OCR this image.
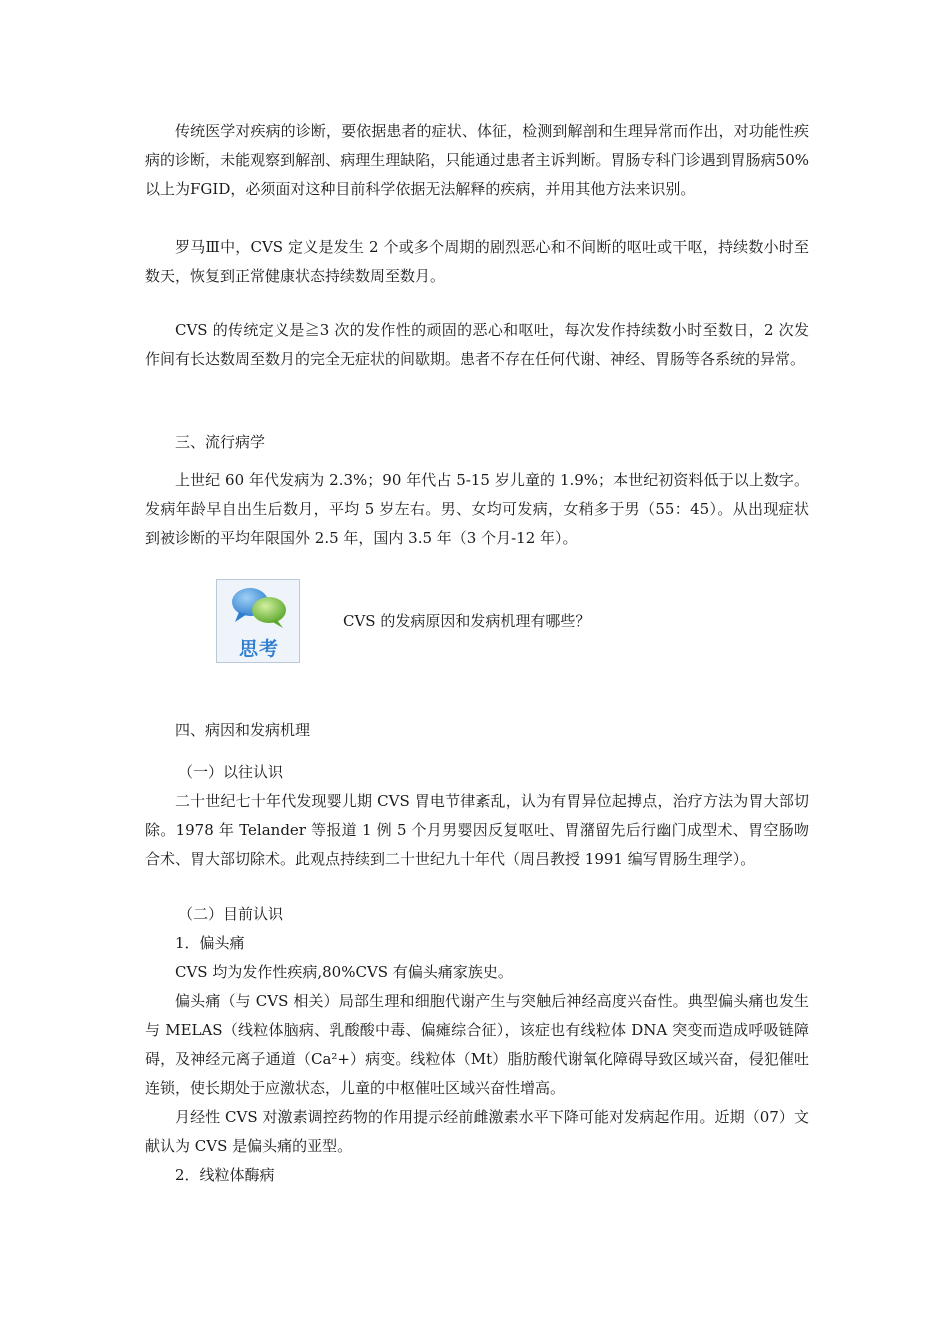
传统医学对疾病的诊断，要依据患者的症状、体征，检测到解剖和生理异常而作出，对功能性疾病的诊断，未能观察到解剖、病理生理缺陷，只能通过患者主诉判断。胃肠专科门诊遇到胃肠病50%以上为FGID，必须面对这种目前科学依据无法解释的疾病，并用其他方法来识别。

罗马Ⅲ中，CVS 定义是发生 2 个或多个周期的剧烈恶心和不间断的呕吐或干呕，持续数小时至数天，恢复到正常健康状态持续数周至数月。

CVS 的传统定义是≧3 次的发作性的顽固的恶心和呕吐，每次发作持续数小时至数日，2 次发作间有长达数周至数月的完全无症状的间歇期。患者不存在任何代谢、神经、胃肠等各系统的异常。

三、流行病学

上世纪 60 年代发病为 2.3%；90 年代占 5-15 岁儿童的 1.9%；本世纪初资料低于以上数字。发病年龄早自出生后数月，平均 5 岁左右。男、女均可发病，女稍多于男（55：45）。从出现症状到被诊断的平均年限国外 2.5 年，国内 3.5 年（3 个月-12 年）。

思考
CVS 的发病原因和发病机理有哪些？

四、病因和发病机理

（一）以往认识

二十世纪七十年代发现婴儿期 CVS 胃电节律紊乱，认为有胃异位起搏点，治疗方法为胃大部切除。1978 年 Telander 等报道 1 例 5 个月男婴因反复呕吐、胃潴留先后行幽门成型术、胃空肠吻合术、胃大部切除术。此观点持续到二十世纪九十年代（周吕教授 1991 编写胃肠生理学）。

（二）目前认识

1．偏头痛

CVS 均为发作性疾病,80%CVS 有偏头痛家族史。

偏头痛（与 CVS 相关）局部生理和细胞代谢产生与突触后神经高度兴奋性。典型偏头痛也发生与 MELAS（线粒体脑病、乳酸酸中毒、偏瘫综合征），该症也有线粒体 DNA 突变而造成呼吸链障碍，及神经元离子通道（Ca²+）病变。线粒体（Mt）脂肪酸代谢氧化障碍导致区域兴奋，侵犯催吐连锁，使长期处于应激状态，儿童的中枢催吐区域兴奋性增高。

月经性 CVS 对激素调控药物的作用提示经前雌激素水平下降可能对发病起作用。近期（07）文献认为 CVS 是偏头痛的亚型。

2．线粒体酶病
